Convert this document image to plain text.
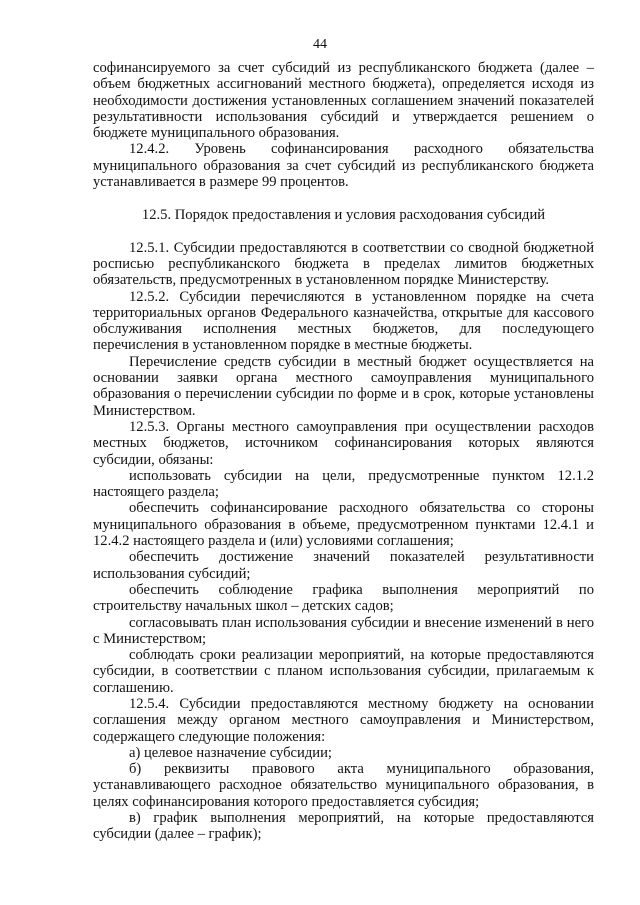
44

софинансируемого за счет субсидий из республиканского бюджета (далее – объем бюджетных ассигнований местного бюджета), определяется исходя из необходимости достижения установленных соглашением значений показателей результативности использования субсидий и утверждается решением о бюджете муниципального образования.

12.4.2. Уровень софинансирования расходного обязательства муниципального образования за счет субсидий из республиканского бюджета устанавливается в размере 99 процентов.

12.5. Порядок предоставления и условия расходования субсидий

12.5.1. Субсидии предоставляются в соответствии со сводной бюджетной росписью республиканского бюджета в пределах лимитов бюджетных обязательств, предусмотренных в установленном порядке Министерству.

12.5.2. Субсидии перечисляются в установленном порядке на счета территориальных органов Федерального казначейства, открытые для кассового обслуживания исполнения местных бюджетов, для последующего перечисления в установленном порядке в местные бюджеты.

Перечисление средств субсидии в местный бюджет осуществляется на основании заявки органа местного самоуправления муниципального образования о перечислении субсидии по форме и в срок, которые установлены Министерством.

12.5.3. Органы местного самоуправления при осуществлении расходов местных бюджетов, источником софинансирования которых являются субсидии, обязаны:

использовать субсидии на цели, предусмотренные пунктом 12.1.2 настоящего раздела;

обеспечить софинансирование расходного обязательства со стороны муниципального образования в объеме, предусмотренном пунктами 12.4.1 и 12.4.2 настоящего раздела и (или) условиями соглашения;

обеспечить достижение значений показателей результативности использования субсидий;

обеспечить соблюдение графика выполнения мероприятий по строительству начальных школ – детских садов;

согласовывать план использования субсидии и внесение изменений в него с Министерством;

соблюдать сроки реализации мероприятий, на которые предоставляются субсидии, в соответствии с планом использования субсидии, прилагаемым к соглашению.

12.5.4. Субсидии предоставляются местному бюджету на основании соглашения между органом местного самоуправления и Министерством, содержащего следующие положения:

а) целевое назначение субсидии;

б) реквизиты правового акта муниципального образования, устанавливающего расходное обязательство муниципального образования, в целях софинансирования которого предоставляется субсидия;

в) график выполнения мероприятий, на которые предоставляются субсидии (далее – график);
